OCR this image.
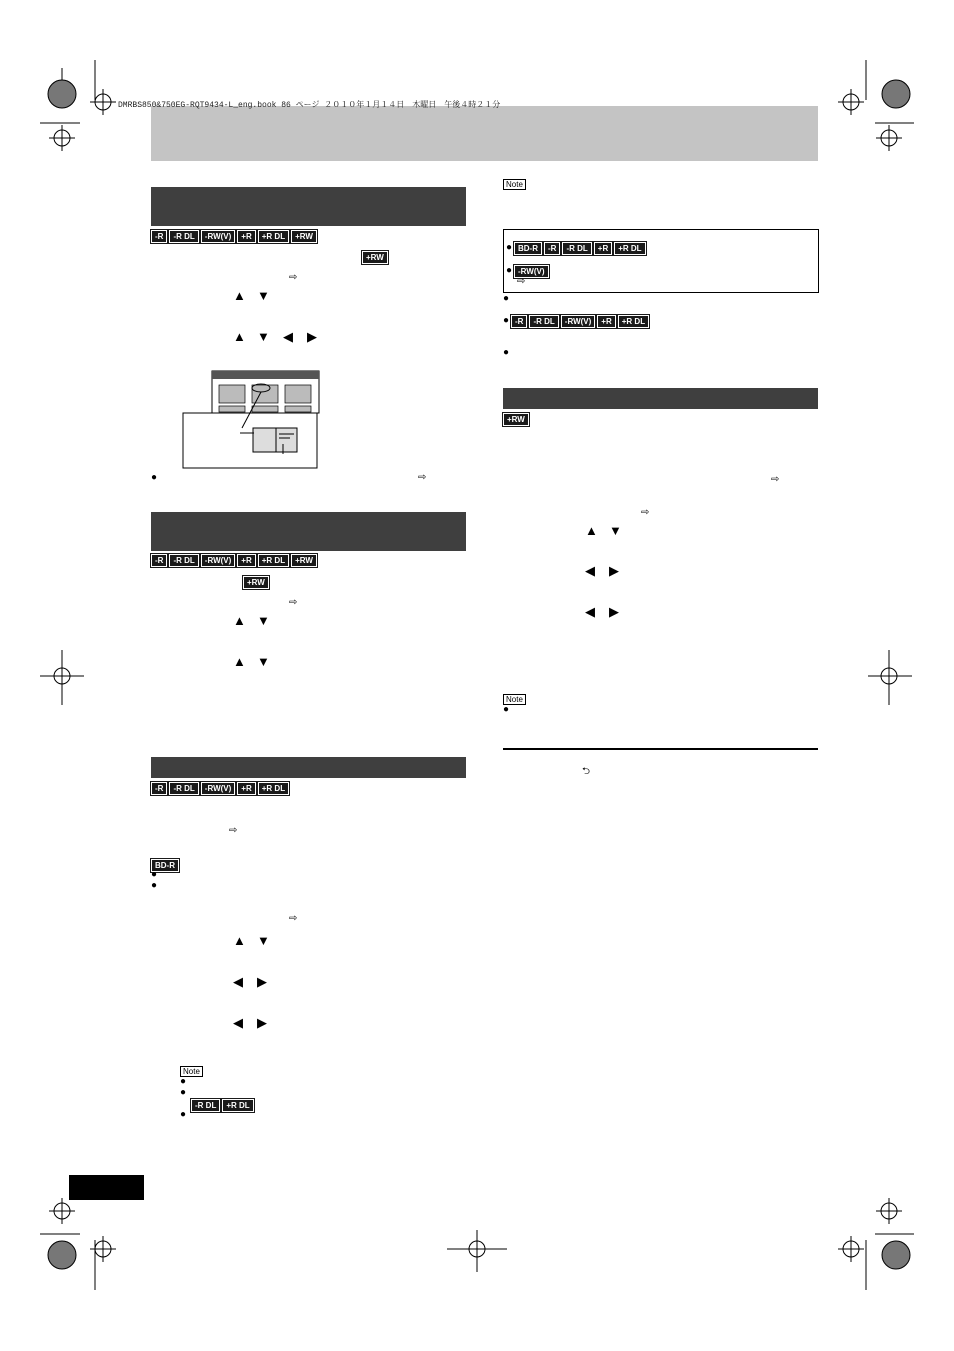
DMRBS850&750EG-RQT9434-L_eng.book 86 ページ ２０１０年１月１４日　木曜日　午後４時２１分
-R	-R DL	-RW(V)	+R	+R DL	+RW
+RW
⇨
▲ ▼
▲ ▼ ◀ ▶
●	⇨
-R	-R DL	-RW(V)	+R	+R DL	+RW
+RW
⇨
▲ ▼
▲ ▼
-R	-R DL	-RW(V)	+R	+R DL
⇨
BD-R
●
●
⇨
▲ ▼
◀ ▶
◀ ▶
Note
●
●
-R DL	+R DL
●
Note
● BD-R	-R	-R DL	+R	+R DL
● -RW(V)
⇨
●
● -R	-R DL	-RW(V)	+R	+R DL
●
+RW
⇨
⇨
▲ ▼
◀ ▶
◀ ▶
Note
●
⮌
